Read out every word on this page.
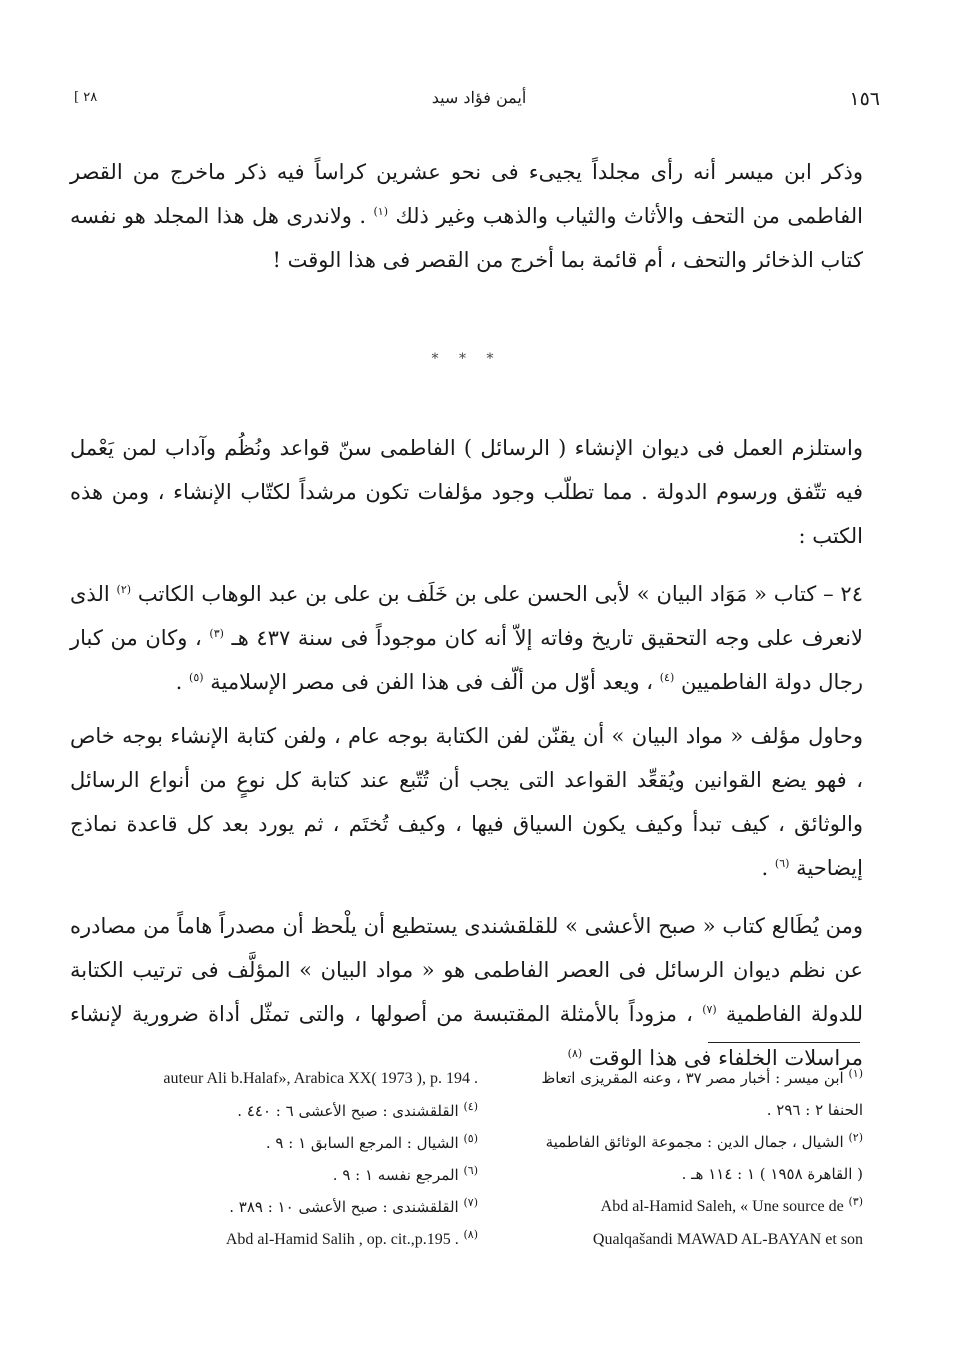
١٥٦
أيمن فؤاد سيد
٢٨ ]

وذكر ابن ميسر أنه رأى مجلداً يجيىء فى نحو عشرين كراساً فيه ذكر ماخرج من القصر الفاطمى من التحف والأثاث والثياب والذهب وغير ذلك $^{(١)}$ . ولاندرى هل هذا المجلد هو نفسه كتاب الذخائر والتحف ، أم قائمة بما أخرج من القصر فى هذا الوقت !

* * *

واستلزم العمل فى ديوان الإنشاء ( الرسائل ) الفاطمى سنّ قواعد ونُظُم وآداب لمن يَعْمل فيه تتّفق ورسوم الدولة . مما تطلّب وجود مؤلفات تكون مرشداً لكتّاب الإنشاء ، ومن هذه الكتب :

٢٤ – كتاب « مَوَاد البيان » لأبى الحسن على بن خَلَف بن على بن عبد الوهاب الكاتب $^{(٢)}$ الذى لانعرف على وجه التحقيق تاريخ وفاته إلاّ أنه كان موجوداً فى سنة ٤٣٧ هـ $^{(٣)}$ ، وكان من كبار رجال دولة الفاطميين $^{(٤)}$ ، ويعد أوّل من ألّف فى هذا الفن فى مصر الإسلامية $^{(٥)}$ .

وحاول مؤلف « مواد البيان » أن يقنّن لفن الكتابة بوجه عام ، ولفن كتابة الإنشاء بوجه خاص ، فهو يضع القوانين ويُقعِّد القواعد التى يجب أن تُتّبع عند كتابة كل نوعٍ من أنواع الرسائل والوثائق ، كيف تبدأ وكيف يكون السياق فيها ، وكيف تُختَم ، ثم يورد بعد كل قاعدة نماذج إيضاحية $^{(٦)}$ .

ومن يُطَالع كتاب « صبح الأعشى » للقلقشندى يستطيع أن يلْحظ أن مصدراً هاماً من مصادره عن نظم ديوان الرسائل فى العصر الفاطمى هو « مواد البيان » المؤلَّف فى ترتيب الكتابة للدولة الفاطمية $^{(٧)}$ ، مزوداً بالأمثلة المقتبسة من أصولها ، والتى تمثّل أداة ضرورية لإنشاء مراسلات الخلفاء فى هذا الوقت $^{(٨)}$

$^{(١)}$ ابن ميسر : أخبار مصر ٣٧ ، وعنه المقريزى اتعاظ
الحنفا ٢ : ٢٩٦ .
$^{(٢)}$ الشيال ، جمال الدين : مجموعة الوثائق الفاطمية
( القاهرة ١٩٥٨ ) ١ : ١١٤ هـ .
$^{(٣)}$ Abd al-Hamid Saleh, « Une source de
Qualqašandi MAWAD AL-BAYAN et son
auteur Ali b.Halaf», Arabica XX( 1973 ), p. 194 .
$^{(٤)}$ القلقشندى : صبح الأعشى ٦ : ٤٤٠ .
$^{(٥)}$ الشيال : المرجع السابق ١ : ٩ .
$^{(٦)}$ المرجع نفسه ١ : ٩ .
$^{(٧)}$ القلقشندى : صبح الأعشى ١٠ : ٣٨٩ .
$^{(٨)}$ Abd al-Hamid Salih , op. cit.,p.195 .
